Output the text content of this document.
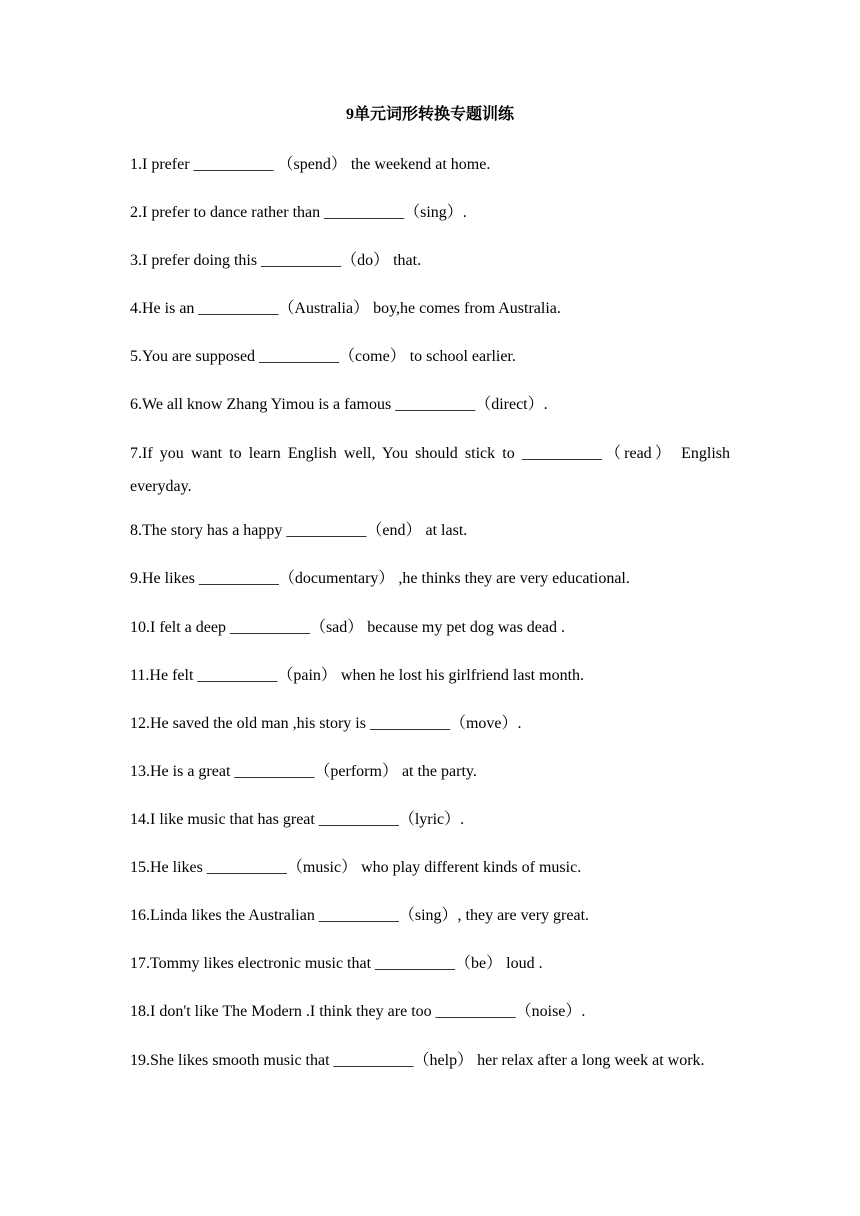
9单元词形转换专题训练
1.I prefer __________ （spend） the weekend at home.
2.I prefer to dance rather than __________（sing）.
3.I prefer doing this __________（do） that.
4.He is an __________（Australia） boy,he comes from Australia.
5.You are supposed __________（come） to school earlier.
6.We all know Zhang Yimou is a famous __________（direct）.
7.If you want to learn English well, You should stick to __________（read） English everyday.
8.The story has a happy __________（end） at last.
9.He likes __________（documentary） ,he thinks they are very educational.
10.I felt a deep __________（sad） because my pet dog was dead .
11.He felt __________（pain） when he lost his girlfriend last month.
12.He saved the old man ,his story is __________（move）.
13.He is a great __________（perform） at the party.
14.I like music that has great __________（lyric）.
15.He likes __________（music） who play different kinds of music.
16.Linda likes the Australian __________（sing）, they are very great.
17.Tommy likes electronic music that __________（be） loud .
18.I don't like The Modern .I think they are too __________（noise）.
19.She likes smooth music that __________（help） her relax after a long week at work.
